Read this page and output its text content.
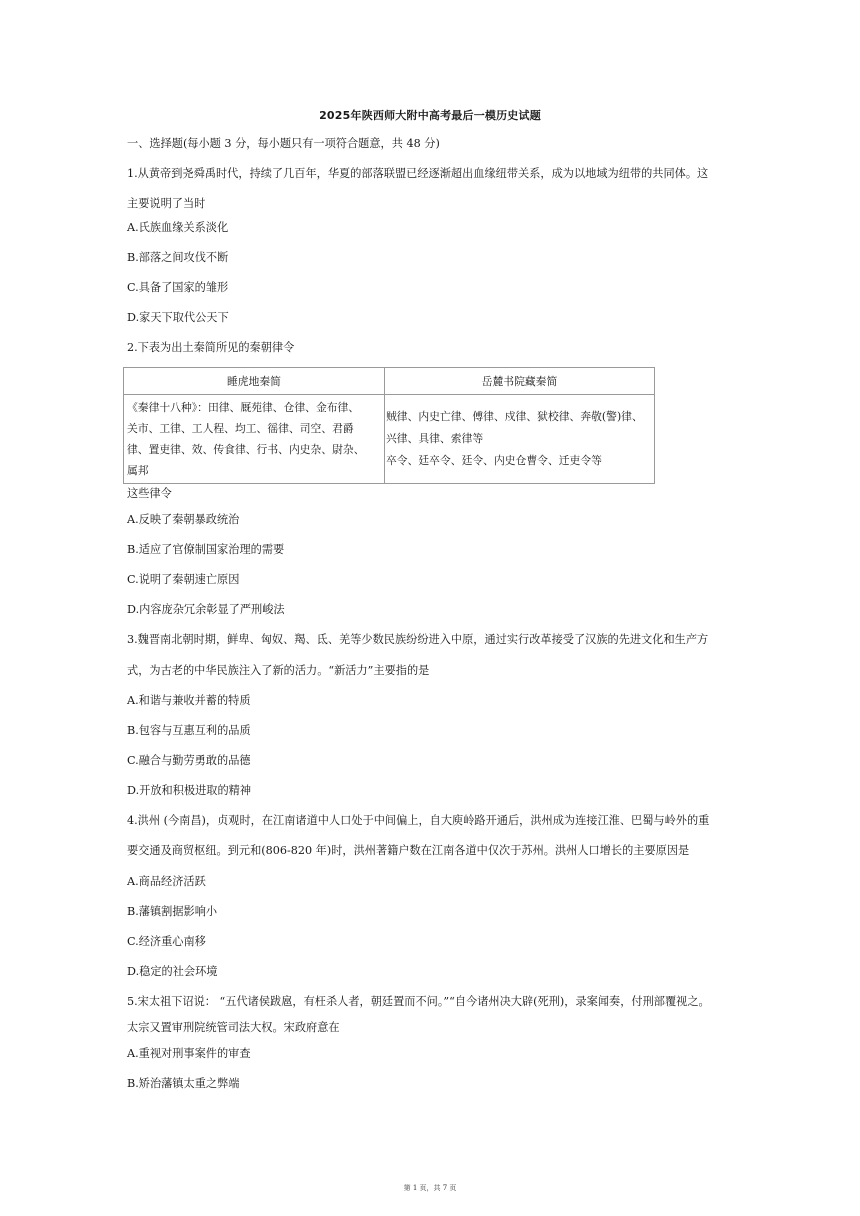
2025年陕西师大附中高考最后一模历史试题
一、选择题(每小题 3 分，每小题只有一项符合题意，共 48 分)
1.从黄帝到尧舜禹时代，持续了几百年，华夏的部落联盟已经逐渐超出血缘纽带关系，成为以地域为纽带的共同体。这
主要说明了当时
A.氏族血缘关系淡化
B.部落之间攻伐不断
C.具备了国家的雏形
D.家天下取代公天下
2.下表为出土秦简所见的秦朝律令
睡虎地秦简	岳麓书院藏秦简

《秦律十八种》：田律、厩苑律、仓律、金布律、
关市、工律、工人程、均工、徭律、司空、君爵
律、置吏律、效、传食律、行书、内史杂、尉杂、
属邦	贼律、内史亡律、傅律、戍律、狱校律、奔敬(警)律、
兴律、具律、索律等
卒令、廷卒令、廷令、内史仓曹令、迁吏令等
这些律令
A.反映了秦朝暴政统治
B.适应了官僚制国家治理的需要
C.说明了秦朝速亡原因
D.内容庞杂冗余彰显了严刑峻法
3.魏晋南北朝时期，鲜卑、匈奴、羯、氐、羌等少数民族纷纷进入中原，通过实行改革接受了汉族的先进文化和生产方
式，为古老的中华民族注入了新的活力。“新活力”主要指的是
A.和谐与兼收并蓄的特质
B.包容与互惠互利的品质
C.融合与勤劳勇敢的品德
D.开放和积极进取的精神
4.洪州 (今南昌)，贞观时，在江南诸道中人口处于中间偏上，自大庾岭路开通后，洪州成为连接江淮、巴蜀与岭外的重
要交通及商贸枢纽。到元和(806-820 年)时，洪州著籍户数在江南各道中仅次于苏州。洪州人口增长的主要原因是
A.商品经济活跃
B.藩镇割据影响小
C.经济重心南移
D.稳定的社会环境
5.宋太祖下诏说： “五代诸侯跋扈，有枉杀人者，朝廷置而不问。”“自今诸州决大辟(死刑)，录案闻奏，付刑部覆视之。
太宗又置审刑院统管司法大权。宋政府意在
A.重视对刑事案件的审查
B.矫治藩镇太重之弊端
第 1 页，共 7 页
